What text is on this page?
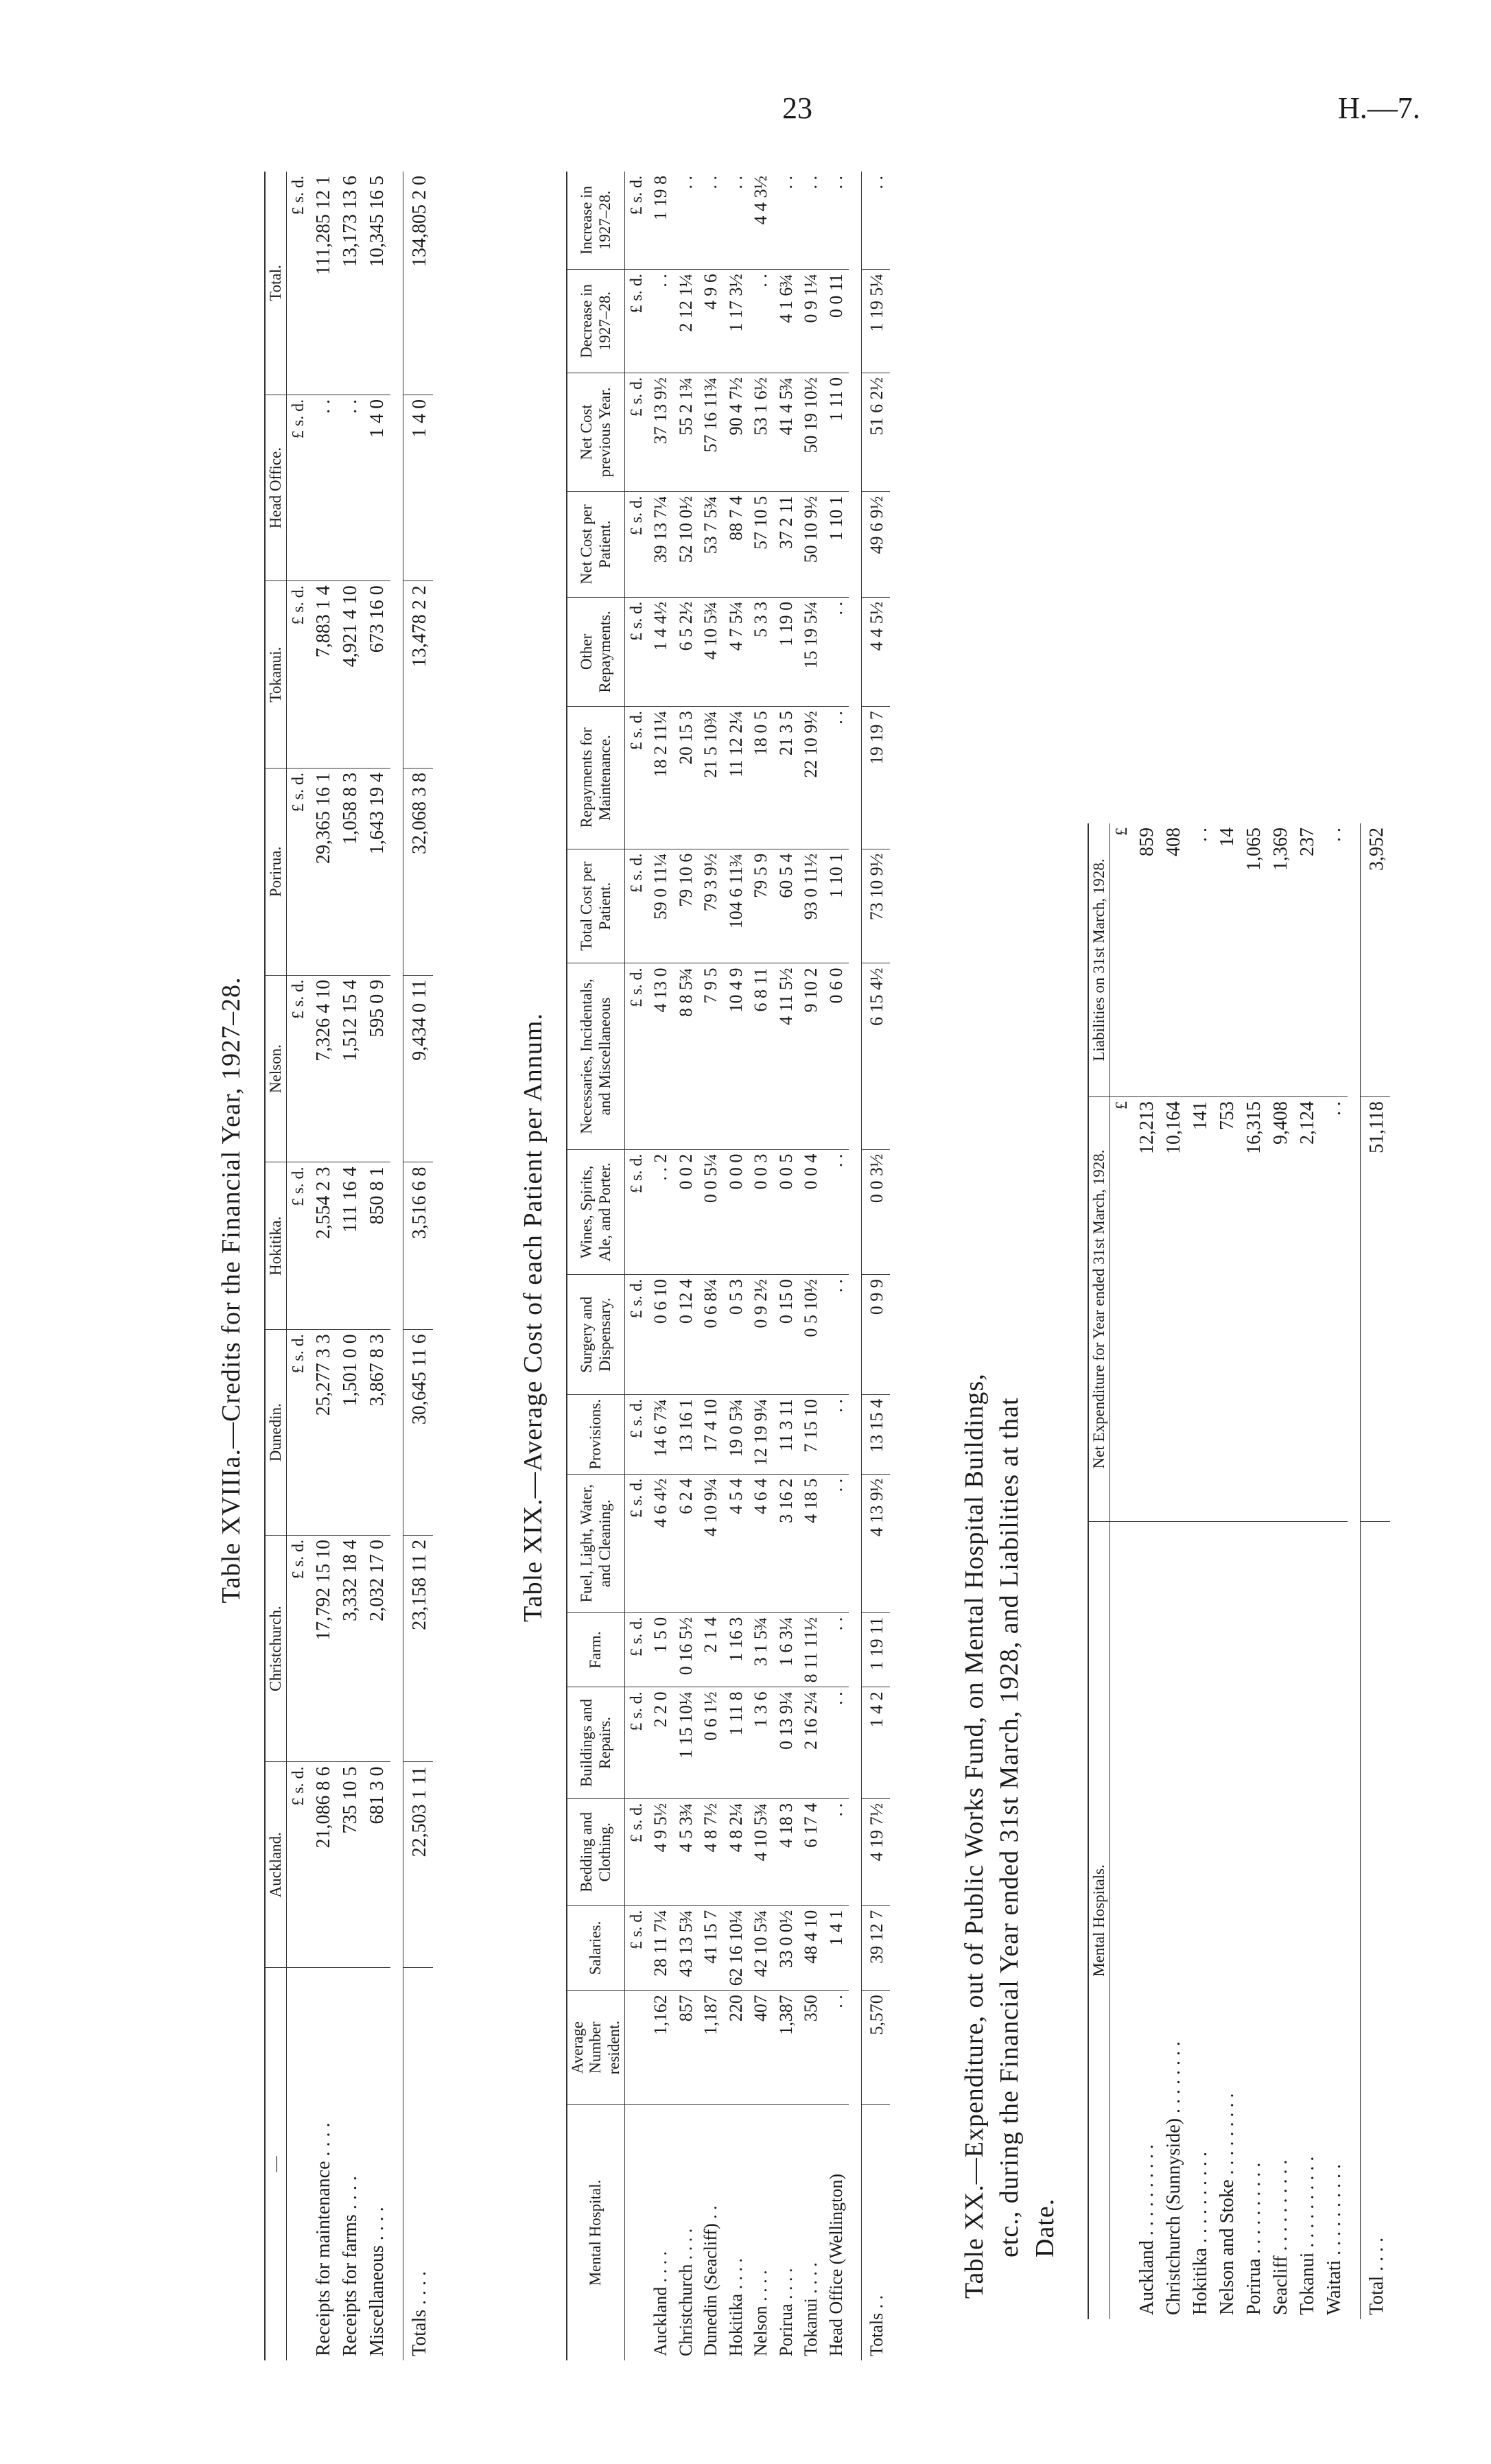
23	H.—7.
Table XVIIIa.—Credits for the Financial Year, 1927–28.
—	Auckland.	Christchurch.	Dunedin.	Hokitika.	Nelson.	Porirua.	Tokanui.	Head Office.	Total.
	£ s. d.	£ s. d.	£ s. d.	£ s. d.	£ s. d.	£ s. d.	£ s. d.	£ s. d.	£ s. d.
Receipts for maintenance . . . .	21,086 8 6	17,792 15 10	25,277 3 3	2,554 2 3	7,326 4 10	29,365 16 1	7,883 1 4	. .	111,285 12 1
Receipts for farms . . . .	735 10 5	3,332 18 4	1,501 0 0	111 16 4	1,512 15 4	1,058 8 3	4,921 4 10	. .	13,173 13 6
Miscellaneous . . . .	681 3 0	2,032 17 0	3,867 8 3	850 8 1	595 0 9	1,643 19 4	673 16 0	1 4 0	10,345 16 5

Totals . . . .	22,503 1 11	23,158 11 2	30,645 11 6	3,516 6 8	9,434 0 11	32,068 3 8	13,478 2 2	1 4 0	134,805 2 0
Table XIX.—Average Cost of each Patient per Annum.
Mental Hospital.	Average Number resident.	Salaries.	Bedding and Clothing.	Buildings and Repairs.	Farm.	Fuel, Light, Water, and Cleaning.	Provisions.	Surgery and Dispensary.	Wines, Spirits, Ale, and Porter.	Necessaries, Incidentals, and Miscellaneous	Total Cost per Patient.	Repayments for Maintenance.	Other Repayments.	Net Cost per Patient.	Net Cost previous Year.	Decrease in 1927–28.	Increase in 1927–28.
		£ s. d.	£ s. d.	£ s. d.	£ s. d.	£ s. d.	£ s. d.	£ s. d.	£ s. d.	£ s. d.	£ s. d.	£ s. d.	£ s. d.	£ s. d.	£ s. d.	£ s. d.	£ s. d.
Auckland . . . .	1,162	28 11 7¼	4 9 5½	2 2 0	1 5 0	4 6 4½	14 6 7¾	0 6 10	. . 2	4 13 0	59 0 11¼	18 2 11¼	1 4 4½	39 13 7¼	37 13 9½	. .	1 19 8
Christchurch . . . .	857	43 13 5¾	4 5 3¾	1 15 10¼	0 16 5½	6 2 4	13 16 1	0 12 4	0 0 2	8 8 5¾	79 10 6	20 15 3	6 5 2½	52 10 0½	55 2 1¾	2 12 1¼	. .
Dunedin (Seacliff) . .	1,187	41 15 7	4 8 7½	0 6 1½	2 1 4	4 10 9¼	17 4 10	0 6 8¼	0 0 5¼	7 9 5	79 3 9½	21 5 10¾	4 10 5¾	53 7 5¾	57 16 11¾	4 9 6	. .
Hokitika . . . .	220	62 16 10¼	4 8 2¼	1 11 8	1 16 3	4 5 4	19 0 5¾	0 5 3	0 0 0	10 4 9	104 6 11¾	11 12 2¼	4 7 5¼	88 7 4	90 4 7½	1 17 3½	. .
Nelson . . . .	407	42 10 5¾	4 10 5¾	1 3 6	3 1 5¾	4 6 4	12 19 9¼	0 9 2½	0 0 3	6 8 11	79 5 9	18 0 5	5 3 3	57 10 5	53 1 6½	. .	4 4 3½
Porirua . . . .	1,387	33 0 0½	4 18 3	0 13 9¼	1 6 3¼	3 16 2	11 3 11	0 15 0	0 0 5	4 11 5½	60 5 4	21 3 5	1 19 0	37 2 11	41 4 5¾	4 1 6¾	. .
Tokanui . . . .	350	48 4 10	6 17 4	2 16 2¼	8 11 11½	4 18 5	7 15 10	0 5 10½	0 0 4	9 10 2	93 0 11½	22 10 9½	15 19 5¼	50 10 9½	50 19 10½	0 9 1¼	. .
Head Office (Wellington)	. .	1 4 1	. .	. .	. .	. .	. .	. .	. .	0 6 0	1 10 1	. .	. .	1 10 1	1 11 0	0 0 11	. .

Totals . .	5,570	39 12 7	4 19 7½	1 4 2	1 19 11	4 13 9½	13 15 4	0 9 9	0 0 3½	6 15 4½	73 10 9½	19 19 7	4 4 5½	49 6 9½	51 6 2½	1 19 5¼	. .
Table XX.—Expenditure, out of Public Works Fund, on Mental Hospital Buildings, etc., during the Financial Year ended 31st March, 1928, and Liabilities at that Date.
Mental Hospitals.	Net Expenditure for Year ended 31st March, 1928.	Liabilities on 31st March, 1928.
	£	£
Auckland . . . . . . . . . .	12,213	859
Christchurch (Sunnyside) . . . . . . . .	10,164	408
Hokitika . . . . . . . . . .	141	. .
Nelson and Stoke . . . . . . . . .	753	14
Porirua . . . . . . . . . .	16,315	1,065
Seacliff . . . . . . . . . .	9,408	1,369
Tokanui . . . . . . . . . .	2,124	237
Waitati . . . . . . . . . .	. .	. .

Total . . . .	51,118	3,952
